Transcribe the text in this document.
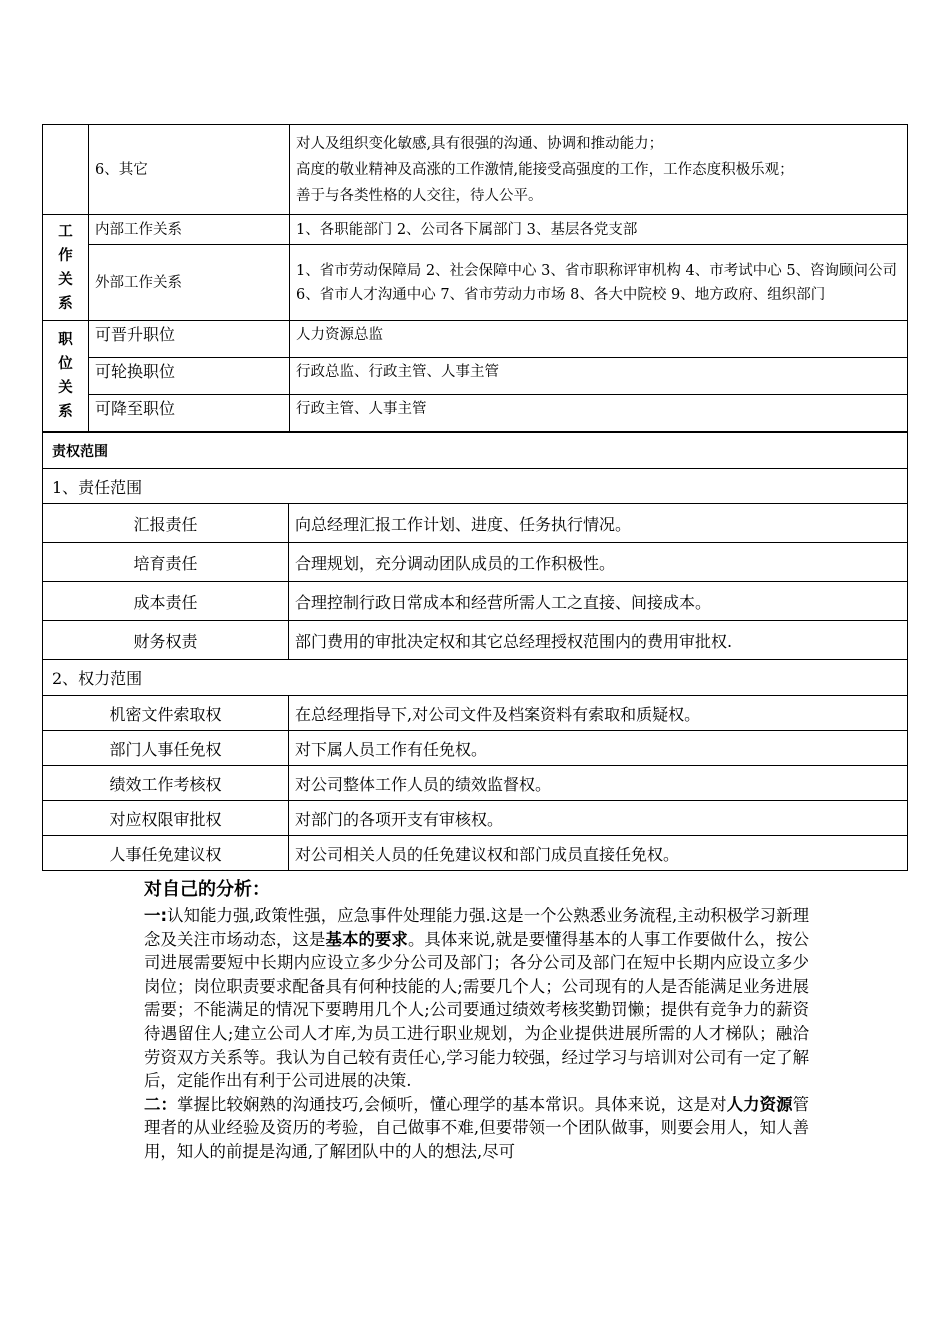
	6、其它	对人及组织变化敏感,具有很强的沟通、协调和推动能力；
高度的敬业精神及高涨的工作激情,能接受高强度的工作，工作态度积极乐观；
善于与各类性格的人交往，待人公平。

工
作
关
系	内部工作关系	1、各职能部门 2、公司各下属部门 3、基层各党支部
	外部工作关系	1、省市劳动保障局 2、社会保障中心 3、省市职称评审机构 4、市考试中心 5、咨询顾问公司 6、省市人才沟通中心 7、省市劳动力市场 8、各大中院校 9、地方政府、组织部门

职
位
关
系	可晋升职位	人力资源总监
	可轮换职位	行政总监、行政主管、人事主管
	可降至职位	行政主管、人事主管
责权范围	
1、责任范围	
汇报责任	向总经理汇报工作计划、进度、任务执行情况。
培育责任	合理规划，充分调动团队成员的工作积极性。
成本责任	合理控制行政日常成本和经营所需人工之直接、间接成本。
财务权责	部门费用的审批决定权和其它总经理授权范围内的费用审批权.
2、权力范围	
机密文件索取权	在总经理指导下,对公司文件及档案资料有索取和质疑权。
部门人事任免权	对下属人员工作有任免权。
绩效工作考核权	对公司整体工作人员的绩效监督权。
对应权限审批权	对部门的各项开支有审核权。
人事任免建议权	对公司相关人员的任免建议权和部门成员直接任免权。

对自己的分析：

一:认知能力强,政策性强，应急事件处理能力强.这是一个公熟悉业务流程,主动积极学习新理念及关注市场动态，这是基本的要求。具体来说,就是要懂得基本的人事工作要做什么，按公司进展需要短中长期内应设立多少分公司及部门；各分公司及部门在短中长期内应设立多少岗位；岗位职责要求配备具有何种技能的人;需要几个人；公司现有的人是否能满足业务进展需要；不能满足的情况下要聘用几个人;公司要通过绩效考核奖勤罚懒；提供有竞争力的薪资待遇留住人;建立公司人才库,为员工进行职业规划，为企业提供进展所需的人才梯队；融洽劳资双方关系等。我认为自己较有责任心,学习能力较强，经过学习与培训对公司有一定了解后，定能作出有利于公司进展的决策.

二：掌握比较娴熟的沟通技巧,会倾听，懂心理学的基本常识。具体来说，这是对人力资源管理者的从业经验及资历的考验，自己做事不难,但要带领一个团队做事，则要会用人，知人善用，知人的前提是沟通,了解团队中的人的想法,尽可
